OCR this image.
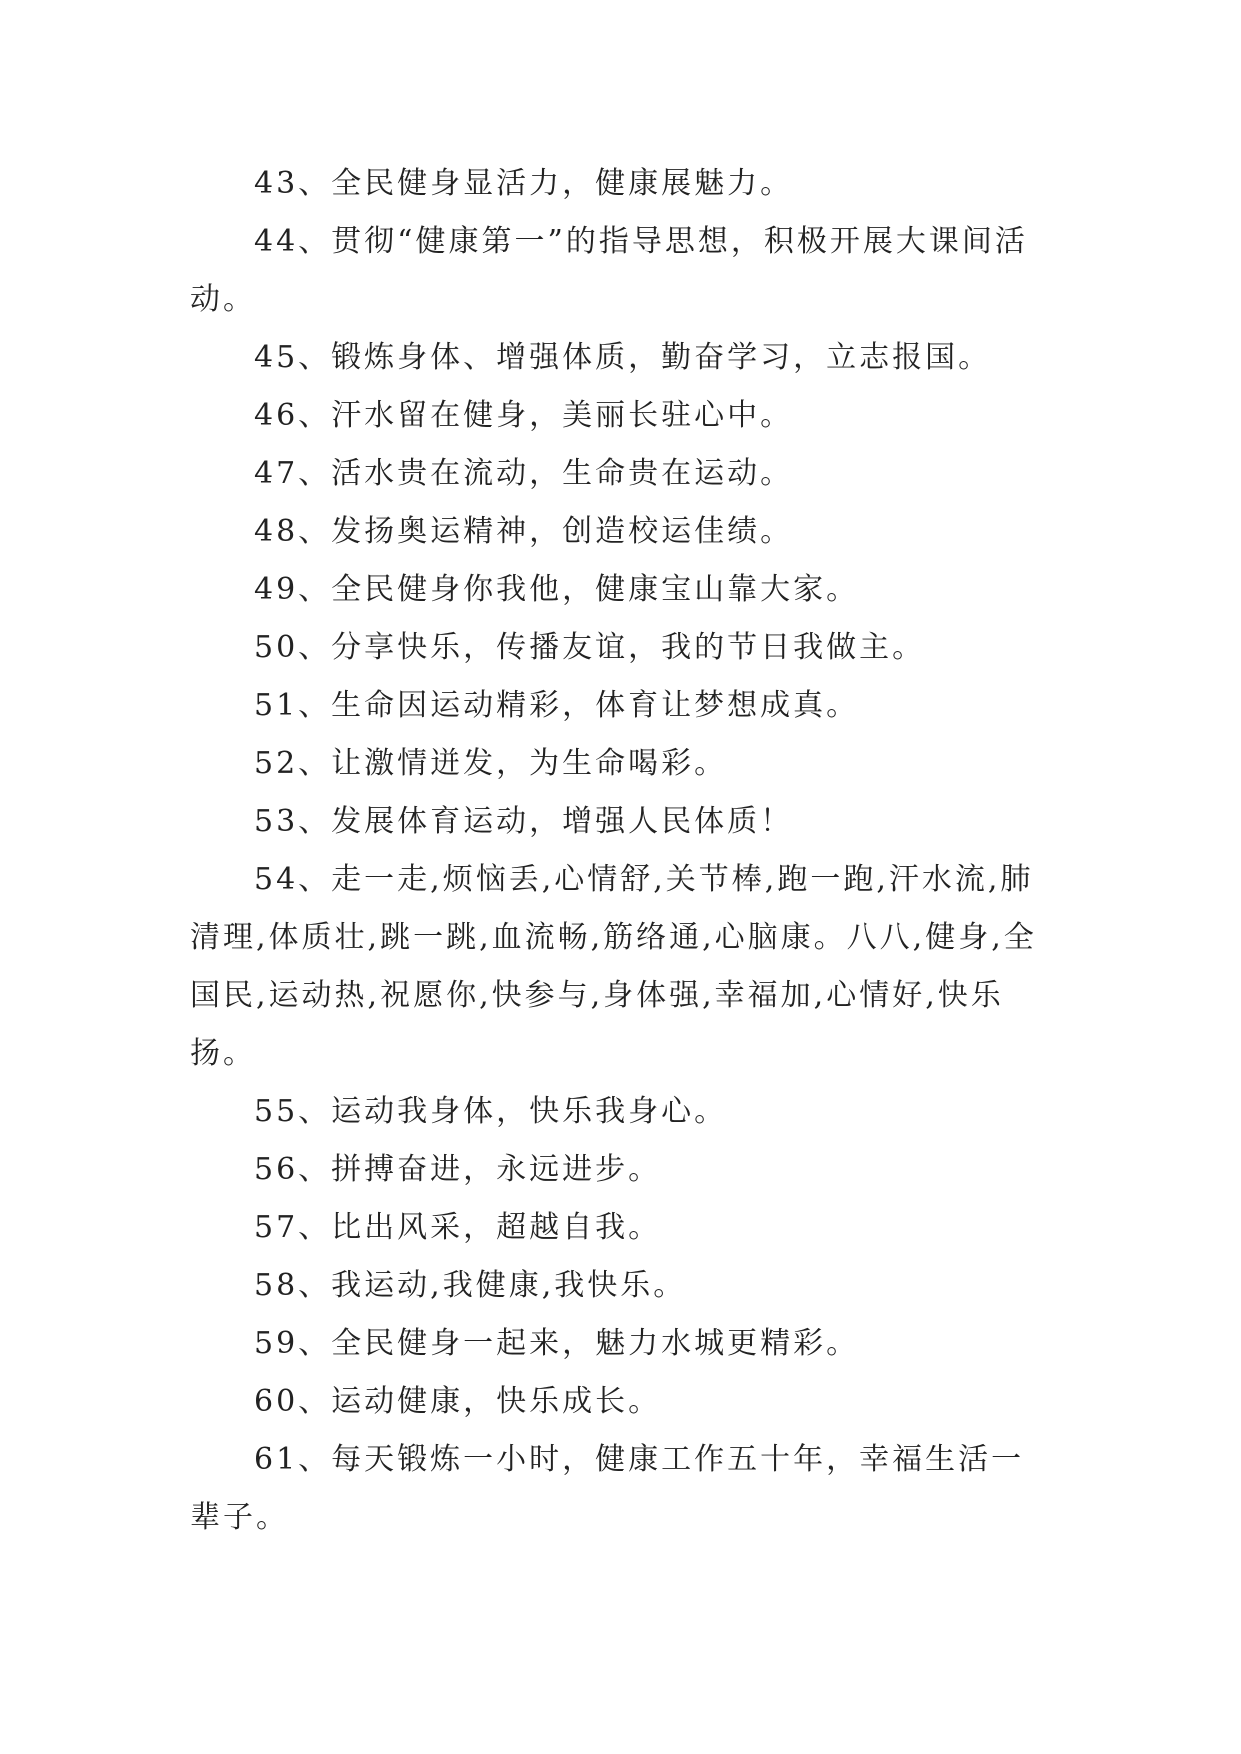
43、全民健身显活力，健康展魅力。

44、贯彻“健康第一”的指导思想，积极开展大课间活动。

45、锻炼身体、增强体质，勤奋学习，立志报国。

46、汗水留在健身，美丽长驻心中。

47、活水贵在流动，生命贵在运动。

48、发扬奥运精神，创造校运佳绩。

49、全民健身你我他，健康宝山靠大家。

50、分享快乐，传播友谊，我的节日我做主。

51、生命因运动精彩，体育让梦想成真。

52、让激情迸发，为生命喝彩。

53、发展体育运动，增强人民体质！

54、走一走,烦恼丢,心情舒,关节棒,跑一跑,汗水流,肺清理,体质壮,跳一跳,血流畅,筋络通,心脑康。八八,健身,全国民,运动热,祝愿你,快参与,身体强,幸福加,心情好,快乐扬。

55、运动我身体，快乐我身心。

56、拼搏奋进，永远进步。

57、比出风采，超越自我。

58、我运动,我健康,我快乐。

59、全民健身一起来，魅力水城更精彩。

60、运动健康，快乐成长。

61、每天锻炼一小时，健康工作五十年，幸福生活一辈子。
